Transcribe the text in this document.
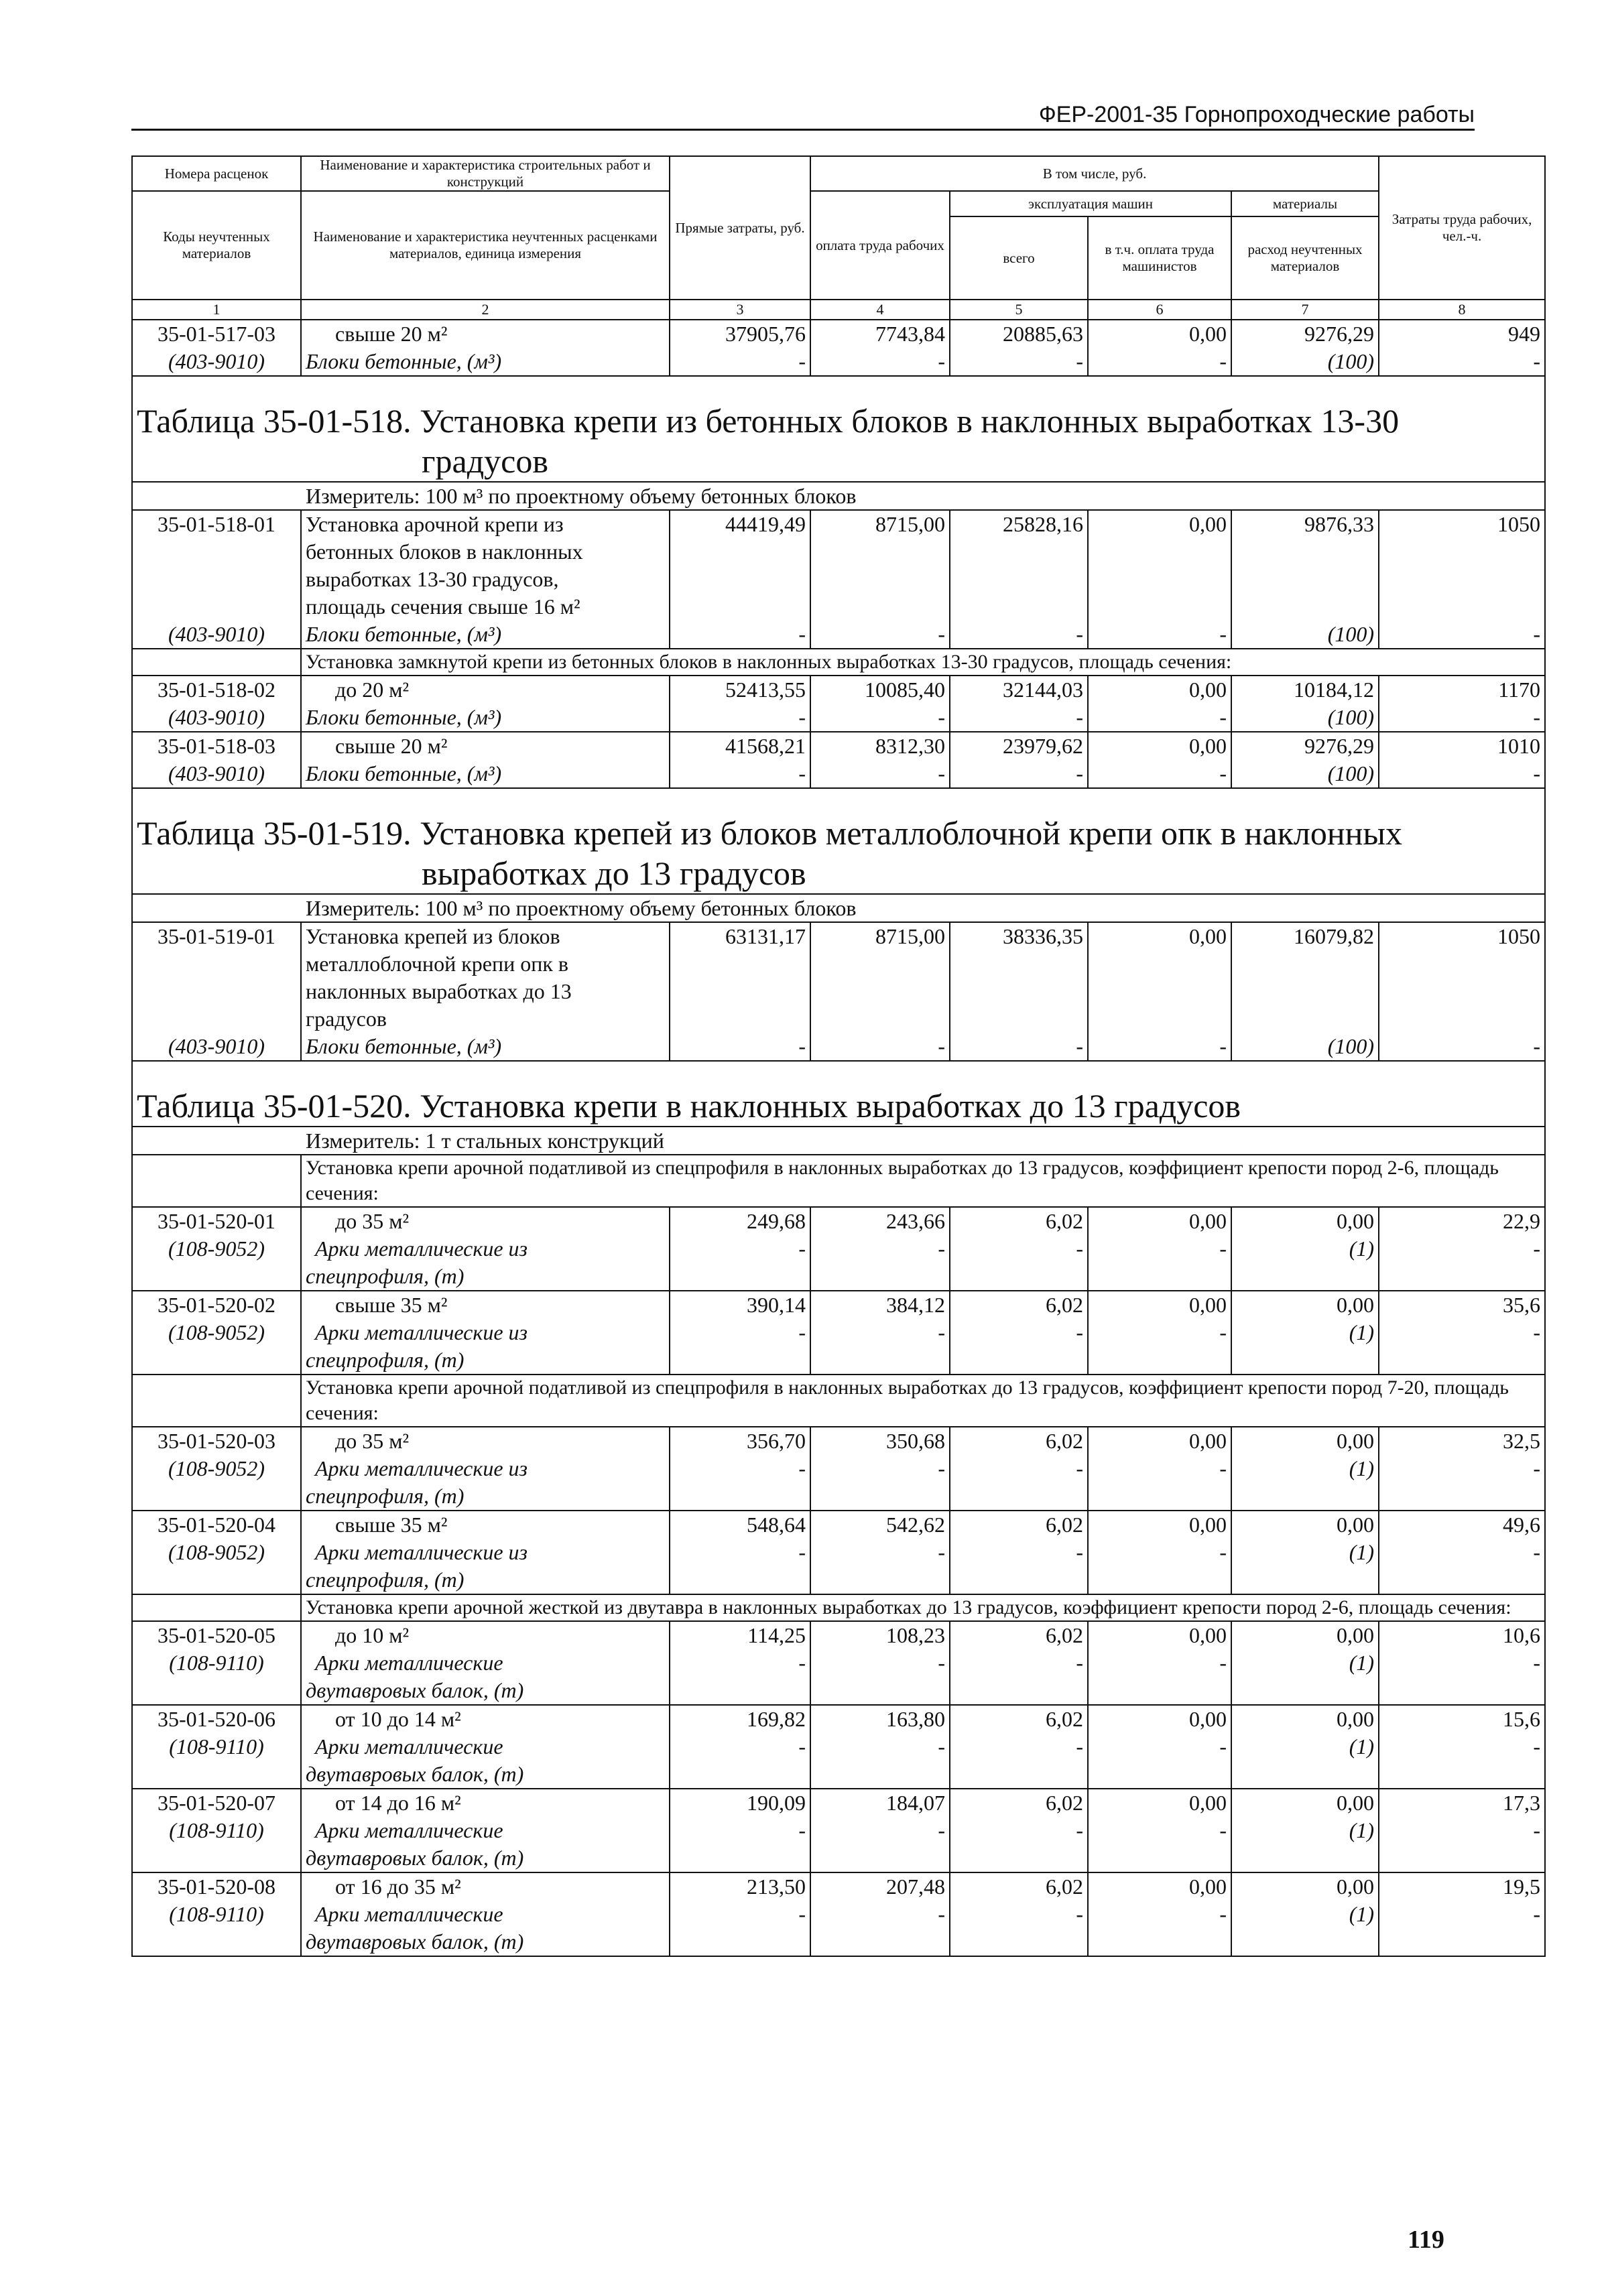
ФЕР-2001-35 Горнопроходческие работы
Номера расценок	Наименование и характеристика строительных работ и конструкций	Прямые затраты, руб.	В том числе, руб.				Затраты труда рабочих, чел.-ч.
Коды неучтенных материалов	Наименование и характеристика неучтенных расценками материалов, единица измерения		оплата труда рабочих	эксплуатация машин		материалы	
				всего	в т.ч. оплата труда машинистов	расход неучтенных материалов	
1	2	3	4	5	6	7	8
35-01-517-03	свыше 20 м²	37905,76	7743,84	20885,63	0,00	9276,29	949
(403-9010)	Блоки бетонные, (м³)	-	-	-	-	(100)	-
Таблица 35-01-518. Установка крепи из бетонных блоков в наклонных выработках 13-30

градусов							

Измеритель: 100 м³ по проектному объему бетонных блоков							
35-01-518-01	Установка арочной крепи из
бетонных блоков в наклонных
выработках 13-30 градусов,
площадь сечения свыше 16 м²	44419,49	8715,00	25828,16	0,00	9876,33	1050
(403-9010)	Блоки бетонные, (м³)	-	-	-	-	(100)	-
	Установка замкнутой крепи из бетонных блоков в наклонных выработках 13-30 градусов, площадь сечения:						
35-01-518-02	до 20 м²	52413,55	10085,40	32144,03	0,00	10184,12	1170
(403-9010)	Блоки бетонные, (м³)	-	-	-	-	(100)	-
35-01-518-03	свыше 20 м²	41568,21	8312,30	23979,62	0,00	9276,29	1010
(403-9010)	Блоки бетонные, (м³)	-	-	-	-	(100)	-
Таблица 35-01-519. Установка крепей из блоков металлоблочной крепи опк в наклонных

выработках до 13 градусов							

Измеритель: 100 м³ по проектному объему бетонных блоков							
35-01-519-01	Установка крепей из блоков
металлоблочной крепи опк в
наклонных выработках до 13
градусов	63131,17	8715,00	38336,35	0,00	16079,82	1050
(403-9010)	Блоки бетонные, (м³)	-	-	-	-	(100)	-
Таблица 35-01-520. Установка крепи в наклонных выработках до 13 градусов							
Измеритель: 1 т стальных конструкций							
	Установка крепи арочной податливой из спецпрофиля в наклонных выработках до 13 градусов, коэффициент крепости пород 2-6, площадь сечения:						
35-01-520-01	до 35 м²	249,68	243,66	6,02	0,00	0,00	22,9
(108-9052)	Арки металлические из
спецпрофиля, (т)	-	-	-	-	(1)	-
35-01-520-02	свыше 35 м²	390,14	384,12	6,02	0,00	0,00	35,6
(108-9052)	Арки металлические из
спецпрофиля, (т)	-	-	-	-	(1)	-
	Установка крепи арочной податливой из спецпрофиля в наклонных выработках до 13 градусов, коэффициент крепости пород 7-20, площадь сечения:						
35-01-520-03	до 35 м²	356,70	350,68	6,02	0,00	0,00	32,5
(108-9052)	Арки металлические из
спецпрофиля, (т)	-	-	-	-	(1)	-
35-01-520-04	свыше 35 м²	548,64	542,62	6,02	0,00	0,00	49,6
(108-9052)	Арки металлические из
спецпрофиля, (т)	-	-	-	-	(1)	-
	Установка крепи арочной жесткой из двутавра в наклонных выработках до 13 градусов, коэффициент крепости пород 2-6, площадь сечения:						
35-01-520-05	до 10 м²	114,25	108,23	6,02	0,00	0,00	10,6
(108-9110)	Арки металлические
двутавровых балок, (т)	-	-	-	-	(1)	-
35-01-520-06	от 10 до 14 м²	169,82	163,80	6,02	0,00	0,00	15,6
(108-9110)	Арки металлические
двутавровых балок, (т)	-	-	-	-	(1)	-
35-01-520-07	от 14 до 16 м²	190,09	184,07	6,02	0,00	0,00	17,3
(108-9110)	Арки металлические
двутавровых балок, (т)	-	-	-	-	(1)	-
35-01-520-08	от 16 до 35 м²	213,50	207,48	6,02	0,00	0,00	19,5
(108-9110)	Арки металлические
двутавровых балок, (т)	-	-	-	-	(1)	-
119
